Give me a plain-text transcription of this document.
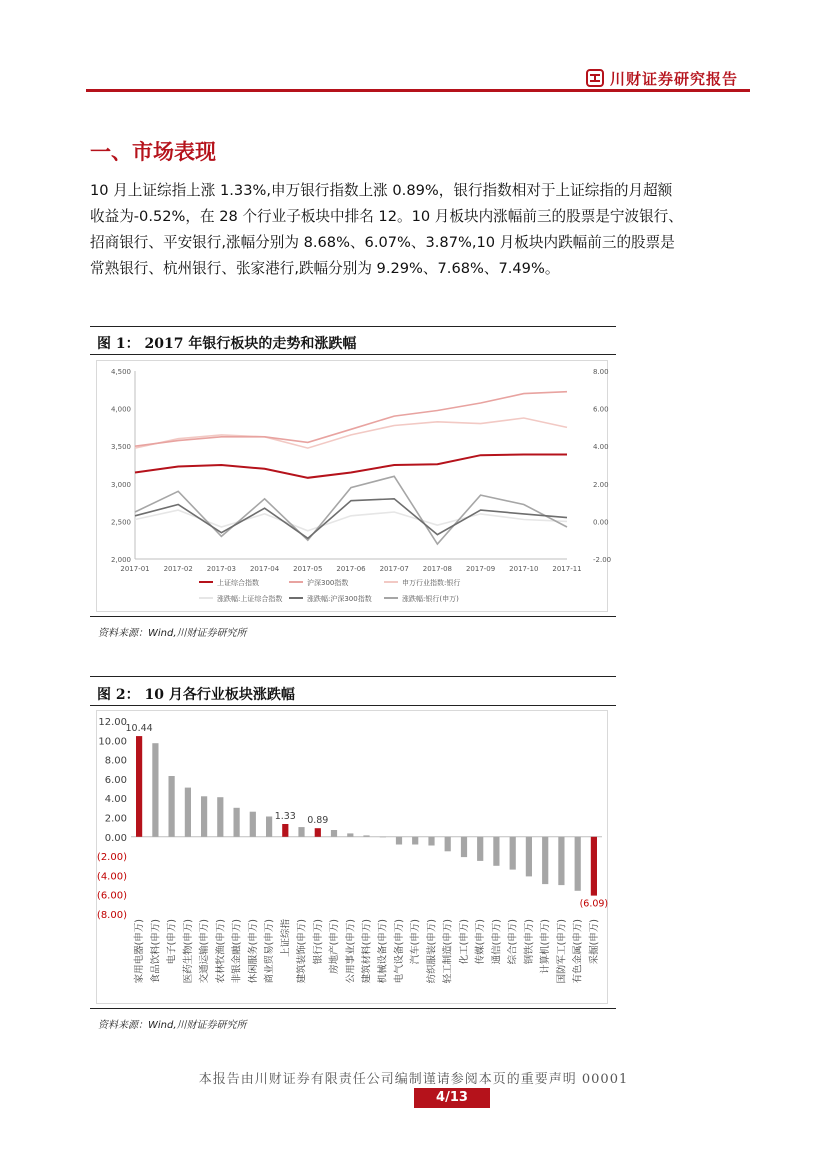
川财证券研究报告
一、市场表现
10 月上证综指上涨 1.33%,申万银行指数上涨 0.89%，银行指数相对于上证综指的月超额
收益为-0.52%，在 28 个行业子板块中排名 12。10 月板块内涨幅前三的股票是宁波银行、
招商银行、平安银行,涨幅分别为 8.68%、6.07%、3.87%,10 月板块内跌幅前三的股票是
常熟银行、杭州银行、张家港行,跌幅分别为 9.29%、7.68%、7.49%。
图 1： 2017 年银行板块的走势和涨跌幅
4,500
4,000
3,500
3,000
2,500
2,000
8.00
6.00
4.00
2.00
0.00
-2.00
2017-01 2017-02 2017-03 2017-04 2017-05 2017-06 2017-07 2017-08 2017-09 2017-10 2017-11
上证综合指数	沪深300指数	申万行业指数:银行
涨跌幅:上证综合指数	涨跌幅:沪深300指数	涨跌幅:银行(申万)
资料来源：Wind,川财证券研究所
图 2： 10 月各行业板块涨跌幅
12.00
10.00
8.00
6.00
4.00
2.00
0.00
(2.00)
(4.00)
(6.00)
(8.00)
10.44
家用电器(申万) 食品饮料(申万) 电子(申万) 医药生物(申万) 交通运输(申万) 农林牧渔(申万) 非银金融(申万) 休闲服务(申万) 商业贸易(申万)
1.33
上证综指 建筑装饰(申万)
0.89
银行(申万) 房地产(申万) 公用事业(申万) 建筑材料(申万) 机械设备(申万) 电气设备(申万) 汽车(申万) 纺织服装(申万) 轻工制造(申万) 化工(申万) 传媒(申万) 通信(申万) 综合(申万) 钢铁(申万) 计算机(申万) 国防军工(申万) 有色金属(申万)
(6.09)
采掘(申万)
资料来源：Wind,川财证券研究所
本报告由川财证券有限责任公司编制谨请参阅本页的重要声明 00001
4/13
